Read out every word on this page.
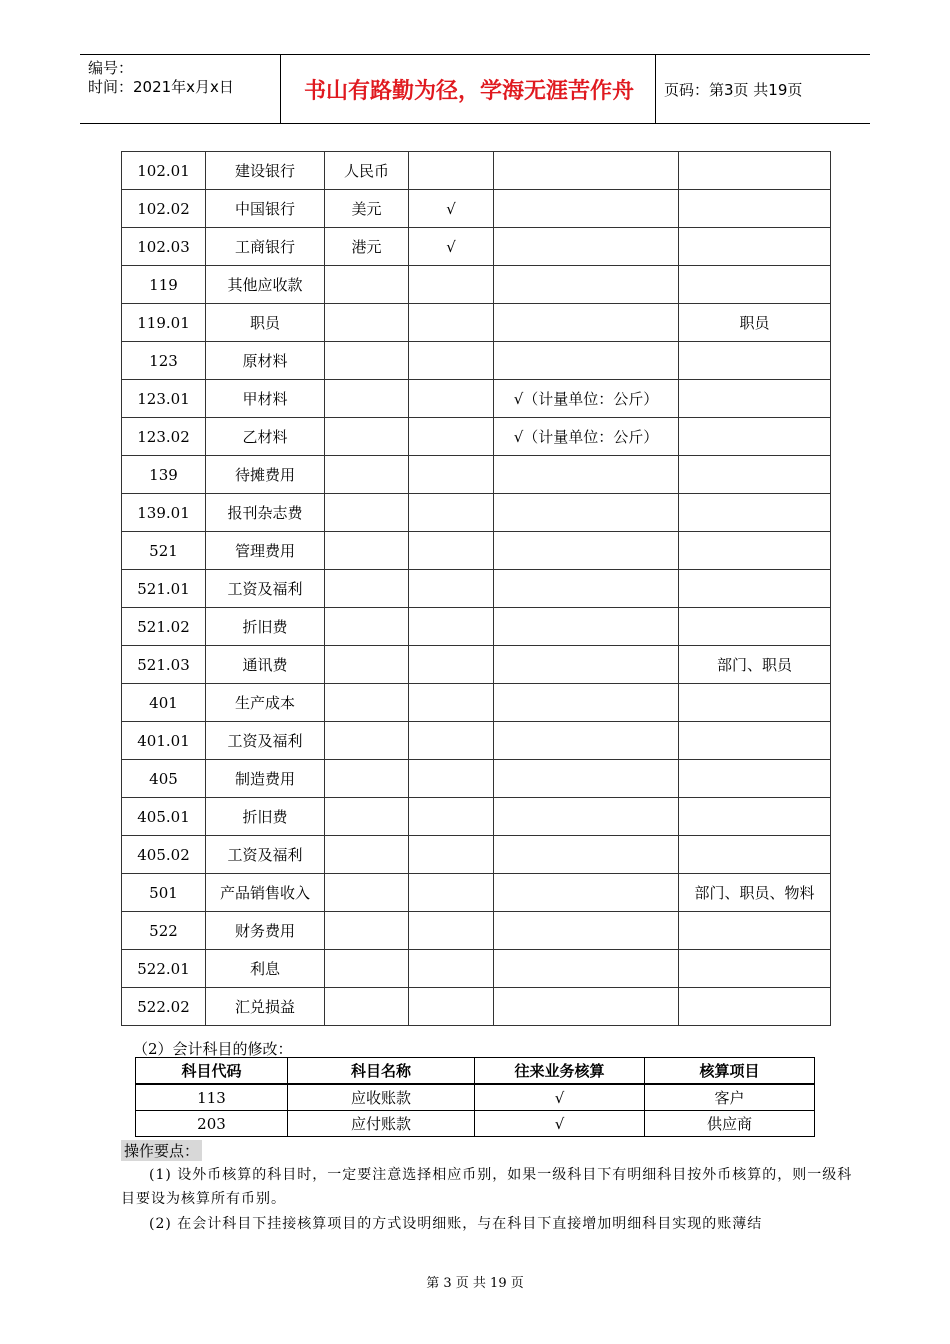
编号：
时间：2021年x月x日	书山有路勤为径，学海无涯苦作舟	页码：第3页 共19页
102.01	建设银行	人民币			
102.02	中国银行	美元	√		
102.03	工商银行	港元	√		
119	其他应收款				
119.01	职员				职员
123	原材料				
123.01	甲材料			√（计量单位：公斤）	
123.02	乙材料			√（计量单位：公斤）	
139	待摊费用				
139.01	报刊杂志费				
521	管理费用				
521.01	工资及福利				
521.02	折旧费				
521.03	通讯费				部门、职员
401	生产成本				
401.01	工资及福利				
405	制造费用				
405.01	折旧费				
405.02	工资及福利				
501	产品销售收入				部门、职员、物料
522	财务费用				
522.01	利息				
522.02	汇兑损益				
（2）会计科目的修改：
科目代码	科目名称	往来业务核算	核算项目
113	应收账款	√	客户
203	应付账款	√	供应商
操作要点：
(1) 设外币核算的科目时，一定要注意选择相应币别，如果一级科目下有明细科目按外币核算的，则一级科目要设为核算所有币别。
(2) 在会计科目下挂接核算项目的方式设明细账，与在科目下直接增加明细科目实现的账薄结
第 3 页 共 19 页
